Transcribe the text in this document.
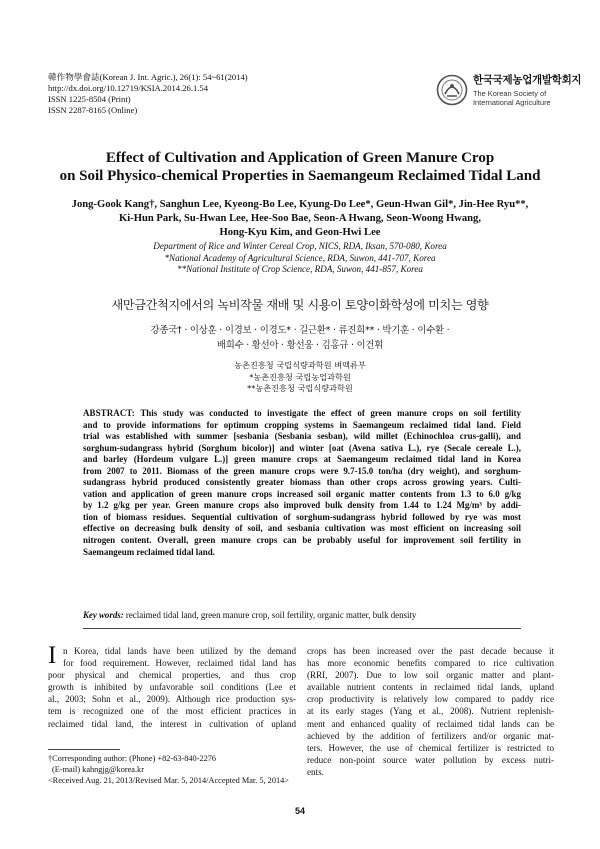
韓作物學會誌(Korean J. Int. Agric.), 26(1): 54~61(2014)
http://dx.doi.org/10.12719/KSIA.2014.26.1.54
ISSN 1225-8504 (Print)
ISSN 2287-8165 (Online)
한국국제농업개발학회지
The Korean Society of International Agriculture
Effect of Cultivation and Application of Green Manure Crop
on Soil Physico-chemical Properties in Saemangeum Reclaimed Tidal Land
Jong-Gook Kang†, Sanghun Lee, Kyeong-Bo Lee, Kyung-Do Lee*, Geun-Hwan Gil*, Jin-Hee Ryu**,
Ki-Hun Park, Su-Hwan Lee, Hee-Soo Bae, Seon-A Hwang, Seon-Woong Hwang,
Hong-Kyu Kim, and Geon-Hwi Lee
Department of Rice and Winter Cereal Crop, NICS, RDA, Iksan, 570-080, Korea
*National Academy of Agricultural Science, RDA, Suwon, 441-707, Korea
**National Institute of Crop Science, RDA, Suwon, 441-857, Korea
새만금간척지에서의 녹비작물 재배 및 시용이 토양이화학성에 미치는 영향
강종국† · 이상훈 · 이경보 · 이경도* · 길근환* · 류진희** · 박기훈 · 이수환 ·
배희수 · 황선아 · 황선웅 · 김홍규 · 이건휘
농촌진흥청 국립식량과학원 벼맥류부
*농촌진흥청 국립농업과학원
**농촌진흥청 국립식량과학원
ABSTRACT: This study was conducted to investigate the effect of green manure crops on soil fertility
and to provide informations for optimum cropping systems in Saemangeum reclaimed tidal land. Field
trial was established with summer [sesbania (Sesbania sesban), wild millet (Echinochloa crus-galli), and
sorghum-sudangrass hybrid (Sorghum bicolor)] and winter [oat (Avena sativa L.), rye (Secale cereale L.),
and barley (Hordeum vulgare L.)] green manure crops at Saemangeum reclaimed tidal land in Korea
from 2007 to 2011. Biomass of the green manure crops were 9.7-15.0 ton/ha (dry weight), and sorghum-
sudangrass hybrid produced consistently greater biomass than other crops across growing years. Culti-
vation and application of green manure crops increased soil organic matter contents from 1.3 to 6.0 g/kg
by 1.2 g/kg per year. Green manure crops also improved bulk density from 1.44 to 1.24 Mg/m³ by addi-
tion of biomass residues. Sequential cultivation of sorghum-sudangrass hybrid followed by rye was most
effective on decreasing bulk density of soil, and sesbania cultivation was most efficient on increasing soil
nitrogen content. Overall, green manure crops can be probably useful for improvement soil fertility in
Saemangeum reclaimed tidal land.
Key words: reclaimed tidal land, green manure crop, soil fertility, organic matter, bulk density
I n Korea, tidal lands have been utilized by the demand
for food requirement. However, reclaimed tidal land has
poor physical and chemical properties, and thus crop
growth is inhibited by unfavorable soil conditions (Lee et
al., 2003; Sohn et al., 2009). Although rice production sys-
tem is recognized one of the most efficient practices in
reclaimed tidal land, the interest in cultivation of upland
crops has been increased over the past decade because it
has more economic benefits compared to rice cultivation
(RRI, 2007). Due to low soil organic matter and plant-
available nutrient contents in reclaimed tidal lands, upland
crop productivity is relatively low compared to paddy rice
at its early stages (Yang et al., 2008). Nutrient replenish-
ment and enhanced quality of reclaimed tidal lands can be
achieved by the addition of fertilizers and/or organic mat-
ters. However, the use of chemical fertilizer is restricted to
reduce non-point source water pollution by excess nutri-
ents.
†Corresponding author: (Phone) +82-63-840-2276
(E-mail) kahngjg@korea.kr
<Received Aug. 21, 2013/Revised Mar. 5, 2014/Accepted Mar. 5, 2014>
54
